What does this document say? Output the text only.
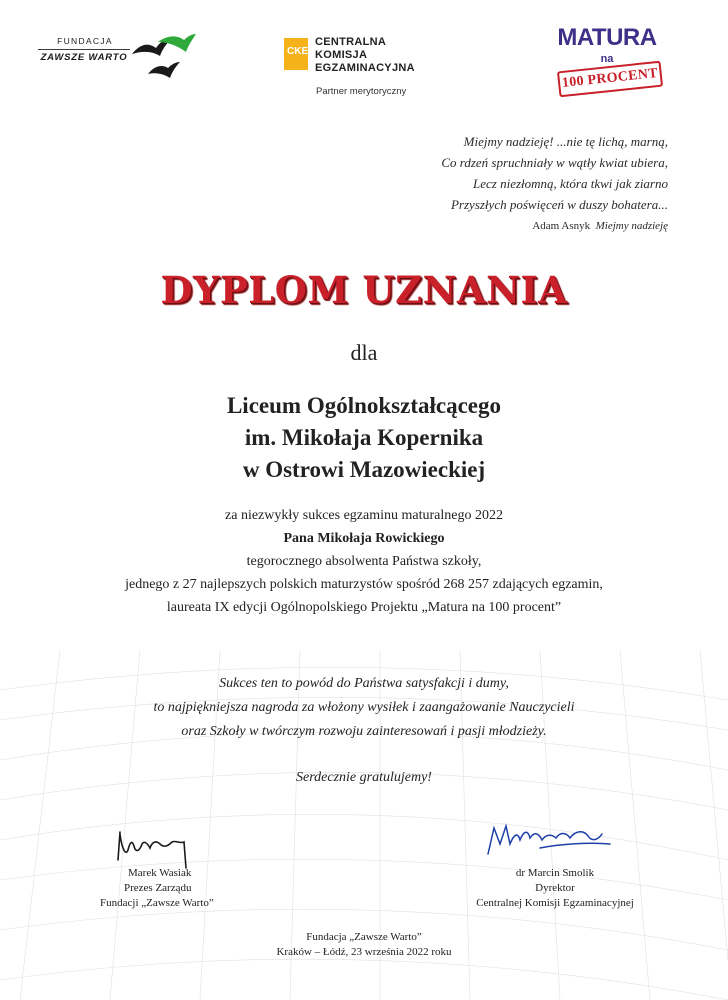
FUNDACJA
ZAWSZE WARTO
CKE
CENTRALNA
KOMISJA
EGZAMINACYJNA
Partner merytoryczny
MATURA
na
100 PROCENT
Miejmy nadzieję! ...nie tę lichą, marną,
Co rdzeń spruchniały w wątły kwiat ubiera,
Lecz niezłomną, która tkwi jak ziarno
Przyszłych poświęceń w duszy bohatera...
Adam Asnyk Miejmy nadzieję
DYPLOM UZNANIA
dla
Liceum Ogólnokształcącego
im. Mikołaja Kopernika
w Ostrowi Mazowieckiej
za niezwykły sukces egzaminu maturalnego 2022
Pana Mikołaja Rowickiego
tegorocznego absolwenta Państwa szkoły,
jednego z 27 najlepszych polskich maturzystów spośród 268 257 zdających egzamin,
laureata IX edycji Ogólnopolskiego Projektu „Matura na 100 procent”
Sukces ten to powód do Państwa satysfakcji i dumy,
to najpiękniejsza nagroda za włożony wysiłek i zaangażowanie Nauczycieli
oraz Szkoły w twórczym rozwoju zainteresowań i pasji młodzieży.
Serdecznie gratulujemy!
Marek Wasiak
Prezes Zarządu
Fundacji „Zawsze Warto”
dr Marcin Smolik
Dyrektor
Centralnej Komisji Egzaminacyjnej
Fundacja „Zawsze Warto”
Kraków – Łódź, 23 września 2022 roku
